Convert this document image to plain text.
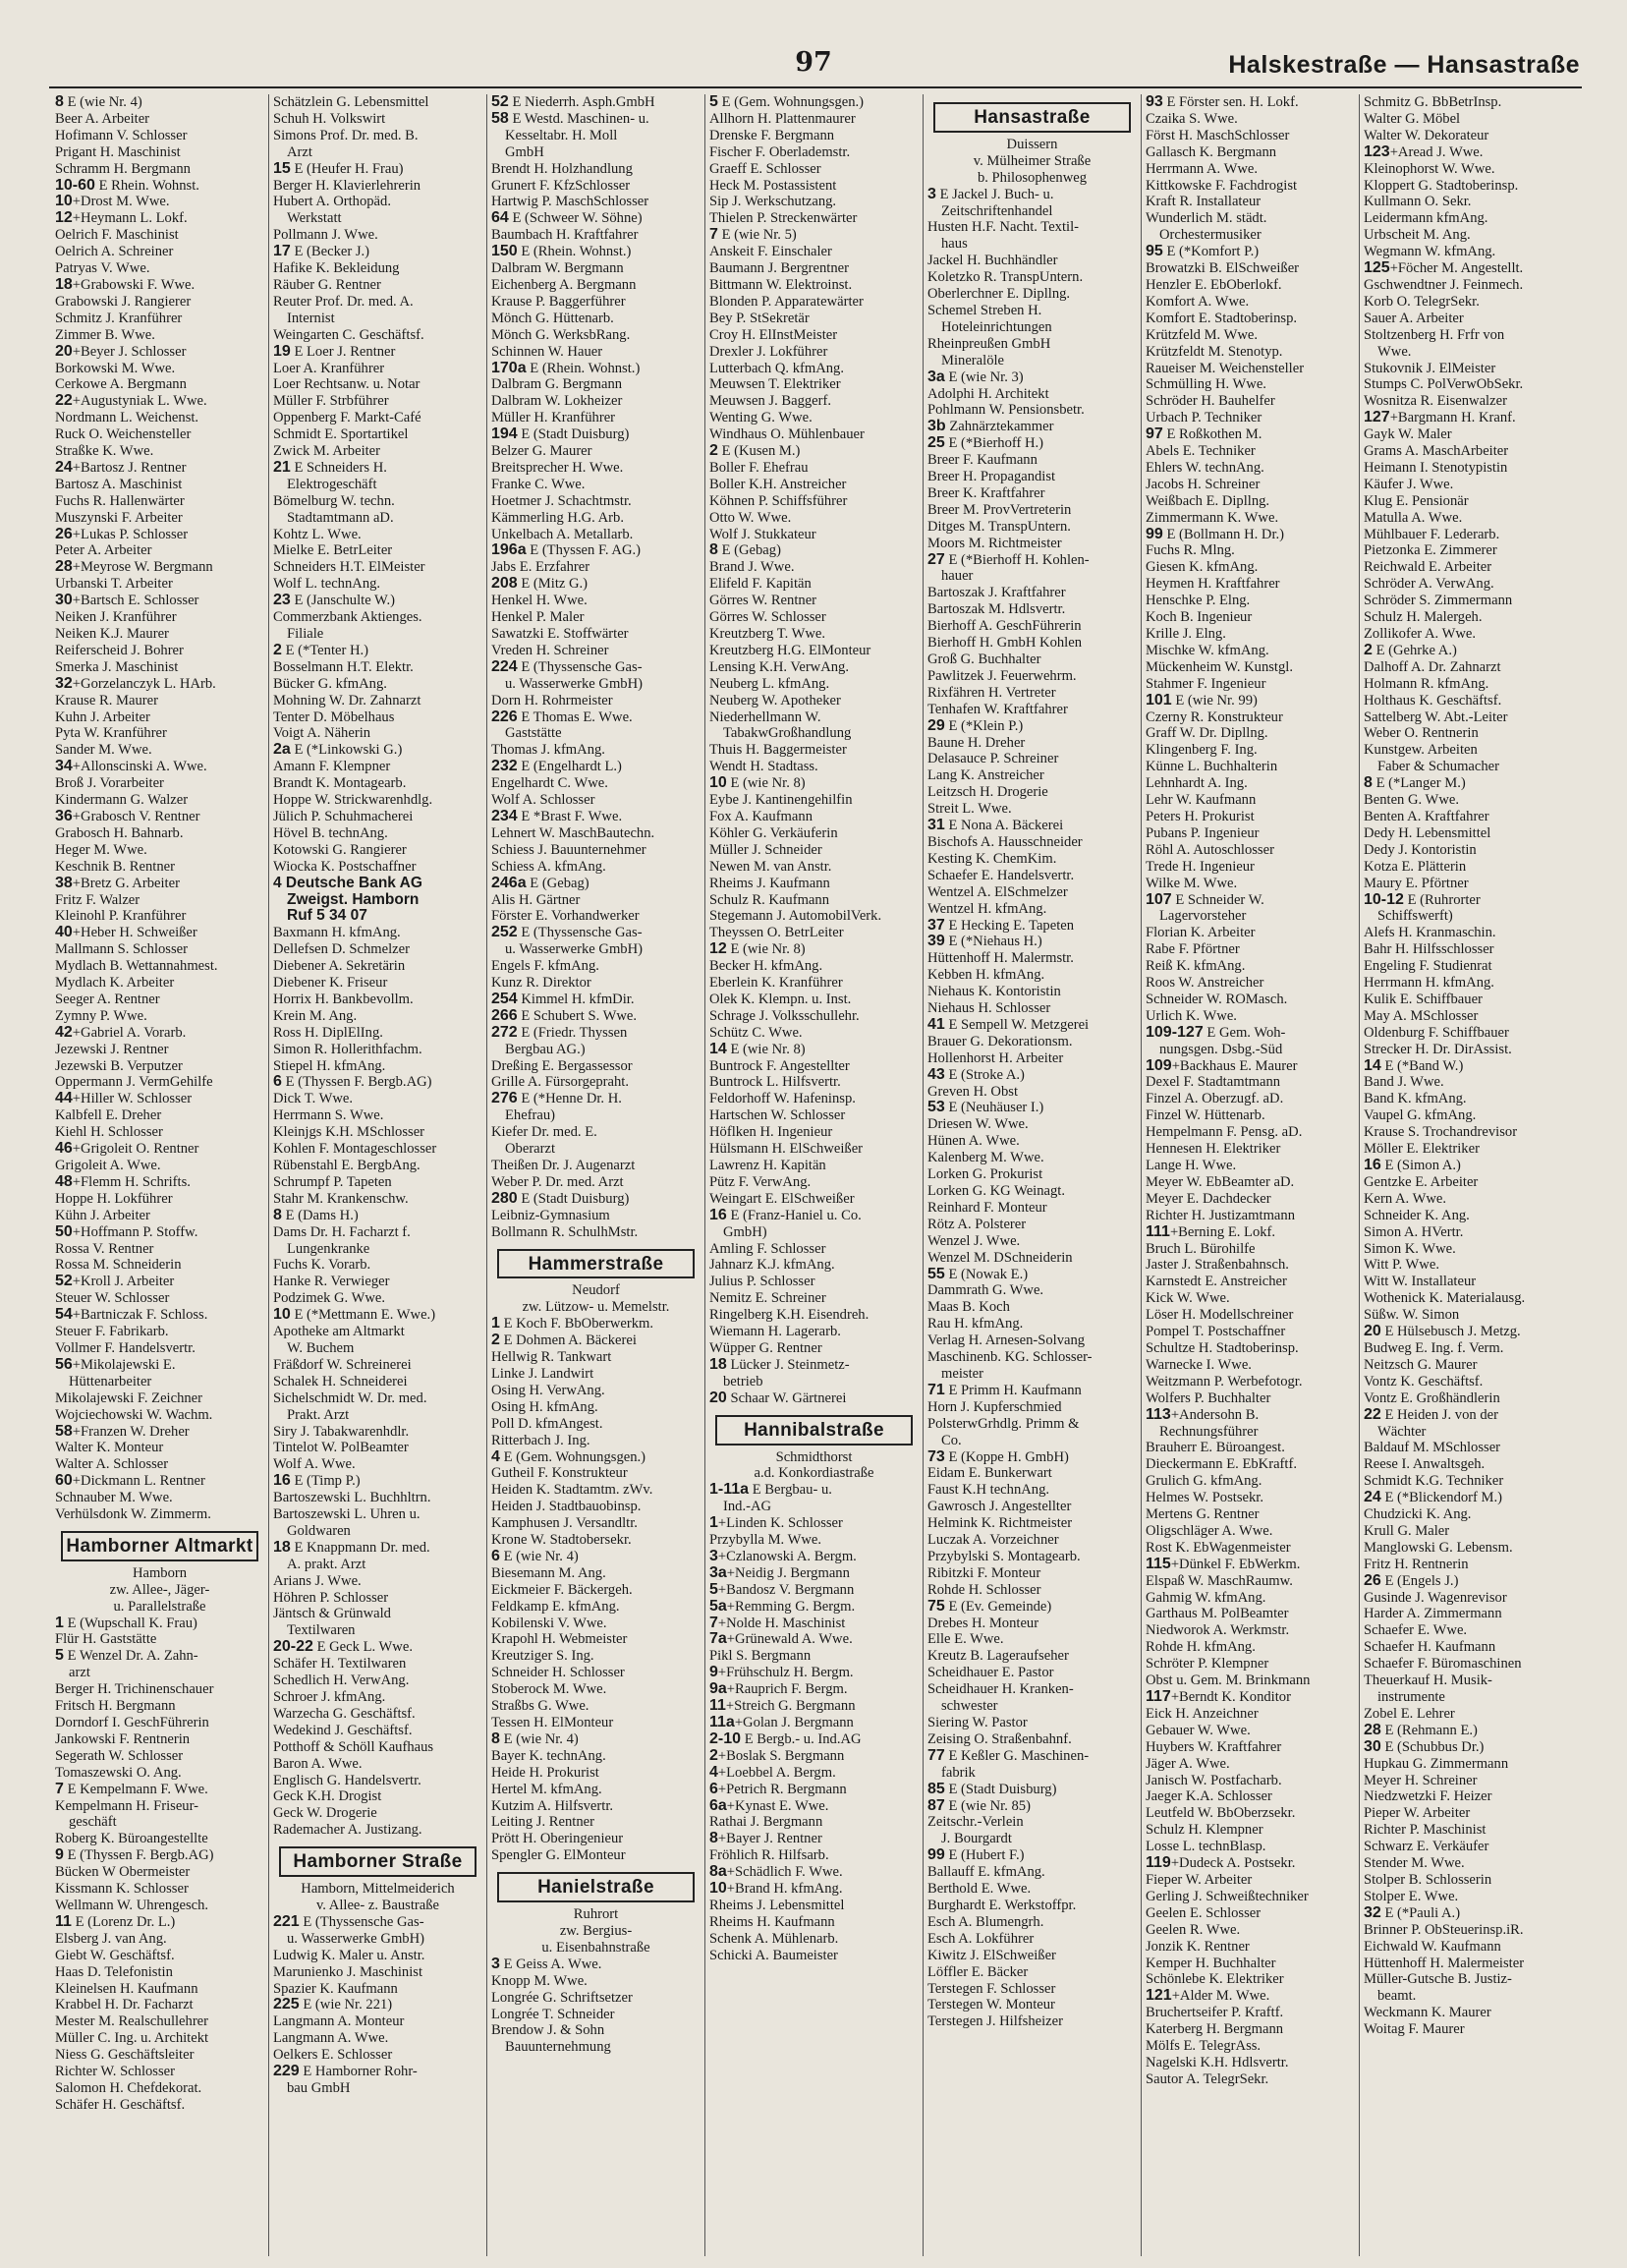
97	Halskestraße — Hansastraße
8 E (wie Nr. 4)
Beer A. Arbeiter
Hofimann V. Schlosser
Prigant H. Maschinist
Schramm H. Bergmann
10-60 E Rhein. Wohnst.
10+Drost M. Wwe.
12+Heymann L. Lokf.
Oelrich F. Maschinist
Oelrich A. Schreiner
Patryas V. Wwe.
18+Grabowski F. Wwe.
Grabowski J. Rangierer
Schmitz J. Kranführer
Zimmer B. Wwe.
20+Beyer J. Schlosser
Borkowski M. Wwe.
Cerkowe A. Bergmann
22+Augustyniak L. Wwe.
Nordmann L. Weichenst.
Ruck O. Weichensteller
Straßke K. Wwe.
24+Bartosz J. Rentner
Bartosz A. Maschinist
Fuchs R. Hallenwärter
Muszynski F. Arbeiter
26+Lukas P. Schlosser
Peter A. Arbeiter
28+Meyrose W. Bergmann
Urbanski T. Arbeiter
30+Bartsch E. Schlosser
Neiken J. Kranführer
Neiken K.J. Maurer
Reiferscheid J. Bohrer
Smerka J. Maschinist
32+Gorzelanczyk L. HArb.
Krause R. Maurer
Kuhn J. Arbeiter
Pyta W. Kranführer
Sander M. Wwe.
34+Allonscinski A. Wwe.
Broß J. Vorarbeiter
Kindermann G. Walzer
36+Grabosch V. Rentner
Grabosch H. Bahnarb.
Heger M. Wwe.
Keschnik B. Rentner
38+Bretz G. Arbeiter
Fritz F. Walzer
Kleinohl P. Kranführer
40+Heber H. Schweißer
Mallmann S. Schlosser
Mydlach B. Wettannahmest.
Mydlach K. Arbeiter
Seeger A. Rentner
Zymny P. Wwe.
42+Gabriel A. Vorarb.
Jezewski J. Rentner
Jezewski B. Verputzer
Oppermann J. VermGehilfe
44+Hiller W. Schlosser
Kalbfell E. Dreher
Kiehl H. Schlosser
46+Grigoleit O. Rentner
Grigoleit A. Wwe.
48+Flemm H. Schrifts.
Hoppe H. Lokführer
Kühn J. Arbeiter
50+Hoffmann P. Stoffw.
Rossa V. Rentner
Rossa M. Schneiderin
52+Kroll J. Arbeiter
Steuer W. Schlosser
54+Bartniczak F. Schloss.
Steuer F. Fabrikarb.
Vollmer F. Handelsvertr.
56+Mikolajewski E.
Hüttenarbeiter
Mikolajewski F. Zeichner
Wojciechowski W. Wachm.
58+Franzen W. Dreher
Walter K. Monteur
Walter A. Schlosser
60+Dickmann L. Rentner
Schnauber M. Wwe.
Verhülsdonk W. Zimmerm.
Hamborner Altmarkt
Hamborn
zw. Allee-, Jäger-
u. Parallelstraße
1 E (Wupschall K. Frau)
Flür H. Gaststätte
5 E Wenzel Dr. A. Zahn-
arzt
Berger H. Trichinenschauer
Fritsch H. Bergmann
Dorndorf I. GeschFührerin
Jankowski F. Rentnerin
Segerath W. Schlosser
Tomaszewski O. Ang.
7 E Kempelmann F. Wwe.
Kempelmann H. Friseur-
geschäft
Roberg K. Büroangestellte
9 E (Thyssen F. Bergb.AG)
Bücken W Obermeister
Kissmann K. Schlosser
Wellmann W. Uhrengesch.
11 E (Lorenz Dr. L.)
Elsberg J. van Ang.
Giebt W. Geschäftsf.
Haas D. Telefonistin
Kleinelsen H. Kaufmann
Krabbel H. Dr. Facharzt
Mester M. Realschullehrer
Müller C. Ing. u. Architekt
Niess G. Geschäftsleiter
Richter W. Schlosser
Salomon H. Chefdekorat.
Schäfer H. Geschäftsf.
Schätzlein G. Lebensmittel
Schuh H. Volkswirt
Simons Prof. Dr. med. B.
Arzt
15 E (Heufer H. Frau)
Berger H. Klavierlehrerin
Hubert A. Orthopäd.
Werkstatt
Pollmann J. Wwe.
17 E (Becker J.)
Hafike K. Bekleidung
Räuber G. Rentner
Reuter Prof. Dr. med. A.
Internist
Weingarten C. Geschäftsf.
19 E Loer J. Rentner
Loer A. Kranführer
Loer Rechtsanw. u. Notar
Müller F. Strbführer
Oppenberg F. Markt-Café
Schmidt E. Sportartikel
Zwick M. Arbeiter
21 E Schneiders H.
Elektrogeschäft
Bömelburg W. techn.
Stadtamtmann aD.
Kohtz L. Wwe.
Mielke E. BetrLeiter
Schneiders H.T. ElMeister
Wolf L. technAng.
23 E (Janschulte W.)
Commerzbank Aktienges.
Filiale
2 E (*Tenter H.)
Bosselmann H.T. Elektr.
Bücker G. kfmAng.
Mohning W. Dr. Zahnarzt
Tenter D. Möbelhaus
Voigt A. Näherin
2a E (*Linkowski G.)
Amann F. Klempner
Brandt K. Montagearb.
Hoppe W. Strickwarenhdlg.
Jülich P. Schuhmacherei
Hövel B. technAng.
Kotowski G. Rangierer
Wiocka K. Postschaffner
4 Deutsche Bank AG
Zweigst. Hamborn
Ruf 5 34 07
Baxmann H. kfmAng.
Dellefsen D. Schmelzer
Diebener A. Sekretärin
Diebener K. Friseur
Horrix H. Bankbevollm.
Krein M. Ang.
Ross H. DiplElIng.
Simon R. Hollerithfachm.
Stiepel H. kfmAng.
6 E (Thyssen F. Bergb.AG)
Dick T. Wwe.
Herrmann S. Wwe.
Kleinjgs K.H. MSchlosser
Kohlen F. Montageschlosser
Rübenstahl E. BergbAng.
Schrumpf P. Tapeten
Stahr M. Krankenschw.
8 E (Dams H.)
Dams Dr. H. Facharzt f.
Lungenkranke
Fuchs K. Vorarb.
Hanke R. Verwieger
Podzimek G. Wwe.
10 E (*Mettmann E. Wwe.)
Apotheke am Altmarkt
W. Buchem
Fräßdorf W. Schreinerei
Schalek H. Schneiderei
Sichelschmidt W. Dr. med.
Prakt. Arzt
Siry J. Tabakwarenhdlr.
Tintelot W. PolBeamter
Wolf A. Wwe.
16 E (Timp P.)
Bartoszewski L. Buchhltrn.
Bartoszewski L. Uhren u.
Goldwaren
18 E Knappmann Dr. med.
A. prakt. Arzt
Arians J. Wwe.
Höhren P. Schlosser
Jäntsch & Grünwald
Textilwaren
20-22 E Geck L. Wwe.
Schäfer H. Textilwaren
Schedlich H. VerwAng.
Schroer J. kfmAng.
Warzecha G. Geschäftsf.
Wedekind J. Geschäftsf.
Potthoff & Schöll Kaufhaus
Baron A. Wwe.
Englisch G. Handelsvertr.
Geck K.H. Drogist
Geck W. Drogerie
Rademacher A. Justizang.
Hamborner Straße
Hamborn, Mittelmeiderich
v. Allee- z. Baustraße
221 E (Thyssensche Gas-
u. Wasserwerke GmbH)
Ludwig K. Maler u. Anstr.
Marunienko J. Maschinist
Spazier K. Kaufmann
225 E (wie Nr. 221)
Langmann A. Monteur
Langmann A. Wwe.
Oelkers E. Schlosser
229 E Hamborner Rohr-
bau GmbH
52 E Niederrh. Asph.GmbH
58 E Westd. Maschinen- u.
Kesseltabr. H. Moll
GmbH
Brendt H. Holzhandlung
Grunert F. KfzSchlosser
Hartwig P. MaschSchlosser
64 E (Schweer W. Söhne)
Baumbach H. Kraftfahrer
150 E (Rhein. Wohnst.)
Dalbram W. Bergmann
Eichenberg A. Bergmann
Krause P. Baggerführer
Mönch G. Hüttenarb.
Mönch G. WerksbRang.
Schinnen W. Hauer
170a E (Rhein. Wohnst.)
Dalbram G. Bergmann
Dalbram W. Lokheizer
Müller H. Kranführer
194 E (Stadt Duisburg)
Belzer G. Maurer
Breitsprecher H. Wwe.
Franke C. Wwe.
Hoetmer J. Schachtmstr.
Kämmerling H.G. Arb.
Unkelbach A. Metallarb.
196a E (Thyssen F. AG.)
Jabs E. Erzfahrer
208 E (Mitz G.)
Henkel H. Wwe.
Henkel P. Maler
Sawatzki E. Stoffwärter
Vreden H. Schreiner
224 E (Thyssensche Gas-
u. Wasserwerke GmbH)
Dorn H. Rohrmeister
226 E Thomas E. Wwe.
Gaststätte
Thomas J. kfmAng.
232 E (Engelhardt L.)
Engelhardt C. Wwe.
Wolf A. Schlosser
234 E *Brast F. Wwe.
Lehnert W. MaschBautechn.
Schiess J. Bauunternehmer
Schiess A. kfmAng.
246a E (Gebag)
Alis H. Gärtner
Förster E. Vorhandwerker
252 E (Thyssensche Gas-
u. Wasserwerke GmbH)
Engels F. kfmAng.
Kunz R. Direktor
254 Kimmel H. kfmDir.
266 E Schubert S. Wwe.
272 E (Friedr. Thyssen
Bergbau AG.)
Dreßing E. Bergassessor
Grille A. Fürsorgepraht.
276 E (*Henne Dr. H.
Ehefrau)
Kiefer Dr. med. E.
Oberarzt
Theißen Dr. J. Augenarzt
Weber P. Dr. med. Arzt
280 E (Stadt Duisburg)
Leibniz-Gymnasium
Bollmann R. SchulhMstr.
Hammerstraße
Neudorf
zw. Lützow- u. Memelstr.
1 E Koch F. BbOberwerkm.
2 E Dohmen A. Bäckerei
Hellwig R. Tankwart
Linke J. Landwirt
Osing H. VerwAng.
Osing H. kfmAng.
Poll D. kfmAngest.
Ritterbach J. Ing.
4 E (Gem. Wohnungsgen.)
Gutheil F. Konstrukteur
Heiden K. Stadtamtm. zWv.
Heiden J. Stadtbauobinsp.
Kamphusen J. Versandltr.
Krone W. Stadtobersekr.
6 E (wie Nr. 4)
Biesemann M. Ang.
Eickmeier F. Bäckergeh.
Feldkamp E. kfmAng.
Kobilenski V. Wwe.
Krapohl H. Webmeister
Kreutziger S. Ing.
Schneider H. Schlosser
Stoberock M. Wwe.
Straßbs G. Wwe.
Tessen H. ElMonteur
8 E (wie Nr. 4)
Bayer K. technAng.
Heide H. Prokurist
Hertel M. kfmAng.
Kutzim A. Hilfsvertr.
Leiting J. Rentner
Prött H. Oberingenieur
Spengler G. ElMonteur
Hanielstraße
Ruhrort
zw. Bergius-
u. Eisenbahnstraße
3 E Geiss A. Wwe.
Knopp M. Wwe.
Longrée G. Schriftsetzer
Longrée T. Schneider
Brendow J. & Sohn
Bauunternehmung
5 E (Gem. Wohnungsgen.)
Allhorn H. Plattenmaurer
Drenske F. Bergmann
Fischer F. Oberlademstr.
Graeff E. Schlosser
Heck M. Postassistent
Sip J. Werkschutzang.
Thielen P. Streckenwärter
7 E (wie Nr. 5)
Anskeit F. Einschaler
Baumann J. Bergrentner
Bittmann W. Elektroinst.
Blonden P. Apparatewärter
Bey P. StSekretär
Croy H. ElInstMeister
Drexler J. Lokführer
Lutterbach Q. kfmAng.
Meuwsen T. Elektriker
Meuwsen J. Baggerf.
Wenting G. Wwe.
Windhaus O. Mühlenbauer
2 E (Kusen M.)
Boller F. Ehefrau
Boller K.H. Anstreicher
Köhnen P. Schiffsführer
Otto W. Wwe.
Wolf J. Stukkateur
8 E (Gebag)
Brand J. Wwe.
Elifeld F. Kapitän
Görres W. Rentner
Görres W. Schlosser
Kreutzberg T. Wwe.
Kreutzberg H.G. ElMonteur
Lensing K.H. VerwAng.
Neuberg L. kfmAng.
Neuberg W. Apotheker
Niederhellmann W.
TabakwGroßhandlung
Thuis H. Baggermeister
Wendt H. Stadtass.
10 E (wie Nr. 8)
Eybe J. Kantinengehilfin
Fox A. Kaufmann
Köhler G. Verkäuferin
Müller J. Schneider
Newen M. van Anstr.
Rheims J. Kaufmann
Schulz R. Kaufmann
Stegemann J. AutomobilVerk.
Theyssen O. BetrLeiter
12 E (wie Nr. 8)
Becker H. kfmAng.
Eberlein K. Kranführer
Olek K. Klempn. u. Inst.
Schrage J. Volksschullehr.
Schütz C. Wwe.
14 E (wie Nr. 8)
Buntrock F. Angestellter
Buntrock L. Hilfsvertr.
Feldorhoff W. Hafeninsp.
Hartschen W. Schlosser
Höflken H. Ingenieur
Hülsmann H. ElSchweißer
Lawrenz H. Kapitän
Pütz F. VerwAng.
Weingart E. ElSchweißer
16 E (Franz-Haniel u. Co.
GmbH)
Amling F. Schlosser
Jahnarz K.J. kfmAng.
Julius P. Schlosser
Nemitz E. Schreiner
Ringelberg K.H. Eisendreh.
Wiemann H. Lagerarb.
Wüpper G. Rentner
18 Lücker J. Steinmetz-
betrieb
20 Schaar W. Gärtnerei
Hannibalstraße
Schmidthorst
a.d. Konkordiastraße
1-11a E Bergbau- u.
Ind.-AG
1+Linden K. Schlosser
Przybylla M. Wwe.
3+Czlanowski A. Bergm.
3a+Neidig J. Bergmann
5+Bandosz V. Bergmann
5a+Remming G. Bergm.
7+Nolde H. Maschinist
7a+Grünewald A. Wwe.
Pikl S. Bergmann
9+Frühschulz H. Bergm.
9a+Rauprich F. Bergm.
11+Streich G. Bergmann
11a+Golan J. Bergmann
2-10 E Bergb.- u. Ind.AG
2+Boslak S. Bergmann
4+Loebbel A. Bergm.
6+Petrich R. Bergmann
6a+Kynast E. Wwe.
Rathai J. Bergmann
8+Bayer J. Rentner
Fröhlich R. Hilfsarb.
8a+Schädlich F. Wwe.
10+Brand H. kfmAng.
Rheims J. Lebensmittel
Rheims H. Kaufmann
Schenk A. Mühlenarb.
Schicki A. Baumeister
Hansastraße
Duissern
v. Mülheimer Straße
b. Philosophenweg
3 E Jackel J. Buch- u.
Zeitschriftenhandel
Husten H.F. Nacht. Textil-
haus
Jackel H. Buchhändler
Koletzko R. TranspUntern.
Oberlerchner E. Dipllng.
Schemel Streben H.
Hoteleinrichtungen
Rheinpreußen GmbH
Mineralöle
3a E (wie Nr. 3)
Adolphi H. Architekt
Pohlmann W. Pensionsbetr.
3b Zahnärztekammer
25 E (*Bierhoff H.)
Breer F. Kaufmann
Breer H. Propagandist
Breer K. Kraftfahrer
Breer M. ProvVertreterin
Ditges M. TranspUntern.
Moors M. Richtmeister
27 E (*Bierhoff H. Kohlen-
hauer
Bartoszak J. Kraftfahrer
Bartoszak M. Hdlsvertr.
Bierhoff A. GeschFührerin
Bierhoff H. GmbH Kohlen
Groß G. Buchhalter
Pawlitzek J. Feuerwehrm.
Rixfähren H. Vertreter
Tenhafen W. Kraftfahrer
29 E (*Klein P.)
Baune H. Dreher
Delasauce P. Schreiner
Lang K. Anstreicher
Leitzsch H. Drogerie
Streit L. Wwe.
31 E Nona A. Bäckerei
Bischofs A. Hausschneider
Kesting K. ChemKim.
Schaefer E. Handelsvertr.
Wentzel A. ElSchmelzer
Wentzel H. kfmAng.
37 E Hecking E. Tapeten
39 E (*Niehaus H.)
Hüttenhoff H. Malermstr.
Kebben H. kfmAng.
Niehaus K. Kontoristin
Niehaus H. Schlosser
41 E Sempell W. Metzgerei
Brauer G. Dekorationsm.
Hollenhorst H. Arbeiter
43 E (Stroke A.)
Greven H. Obst
53 E (Neuhäuser I.)
Driesen W. Wwe.
Hünen A. Wwe.
Kalenberg M. Wwe.
Lorken G. Prokurist
Lorken G. KG Weinagt.
Reinhard F. Monteur
Rötz A. Polsterer
Wenzel J. Wwe.
Wenzel M. DSchneiderin
55 E (Nowak E.)
Dammrath G. Wwe.
Maas B. Koch
Rau H. kfmAng.
Verlag H. Arnesen-Solvang
Maschinenb. KG. Schlosser-
meister
71 E Primm H. Kaufmann
Horn J. Kupferschmied
PolsterwGrhdlg. Primm &
Co.
73 E (Koppe H. GmbH)
Eidam E. Bunkerwart
Faust K.H technAng.
Gawrosch J. Angestellter
Helmink K. Richtmeister
Luczak A. Vorzeichner
Przybylski S. Montagearb.
Ribitzki F. Monteur
Rohde H. Schlosser
75 E (Ev. Gemeinde)
Drebes H. Monteur
Elle E. Wwe.
Kreutz B. Lageraufseher
Scheidhauer E. Pastor
Scheidhauer H. Kranken-
schwester
Siering W. Pastor
Zeising O. Straßenbahnf.
77 E Keßler G. Maschinen-
fabrik
85 E (Stadt Duisburg)
87 E (wie Nr. 85)
Zeitschr.-Verlein
J. Bourgardt
99 E (Hubert F.)
Ballauff E. kfmAng.
Berthold E. Wwe.
Burghardt E. Werkstoffpr.
Esch A. Blumengrh.
Esch A. Lokführer
Kiwitz J. ElSchweißer
Löffler E. Bäcker
Terstegen F. Schlosser
Terstegen W. Monteur
Terstegen J. Hilfsheizer
93 E Förster sen. H. Lokf.
Czaika S. Wwe.
Först H. MaschSchlosser
Gallasch K. Bergmann
Herrmann A. Wwe.
Kittkowske F. Fachdrogist
Kraft R. Installateur
Wunderlich M. städt.
Orchestermusiker
95 E (*Komfort P.)
Browatzki B. ElSchweißer
Henzler E. EbOberlokf.
Komfort A. Wwe.
Komfort E. Stadtoberinsp.
Krützfeld M. Wwe.
Krützfeldt M. Stenotyp.
Raueiser M. Weichensteller
Schmülling H. Wwe.
Schröder H. Bauhelfer
Urbach P. Techniker
97 E Roßkothen M.
Abels E. Techniker
Ehlers W. technAng.
Jacobs H. Schreiner
Weißbach E. Dipllng.
Zimmermann K. Wwe.
99 E (Bollmann H. Dr.)
Fuchs R. Mlng.
Giesen K. kfmAng.
Heymen H. Kraftfahrer
Henschke P. Elng.
Koch B. Ingenieur
Krille J. Elng.
Mischke W. kfmAng.
Mückenheim W. Kunstgl.
Stahmer F. Ingenieur
101 E (wie Nr. 99)
Czerny R. Konstrukteur
Graff W. Dr. Dipllng.
Klingenberg F. Ing.
Künne L. Buchhalterin
Lehnhardt A. Ing.
Lehr W. Kaufmann
Peters H. Prokurist
Pubans P. Ingenieur
Röhl A. Autoschlosser
Trede H. Ingenieur
Wilke M. Wwe.
107 E Schneider W.
Lagervorsteher
Florian K. Arbeiter
Rabe F. Pförtner
Reiß K. kfmAng.
Roos W. Anstreicher
Schneider W. ROMasch.
Urlich K. Wwe.
109-127 E Gem. Woh-
nungsgen. Dsbg.-Süd
109+Backhaus E. Maurer
Dexel F. Stadtamtmann
Finzel A. Oberzugf. aD.
Finzel W. Hüttenarb.
Hempelmann F. Pensg. aD.
Hennesen H. Elektriker
Lange H. Wwe.
Meyer W. EbBeamter aD.
Meyer E. Dachdecker
Richter H. Justizamtmann
111+Berning E. Lokf.
Bruch L. Bürohilfe
Jaster J. Straßenbahnsch.
Karnstedt E. Anstreicher
Kick W. Wwe.
Löser H. Modellschreiner
Pompel T. Postschaffner
Schultze H. Stadtoberinsp.
Warnecke I. Wwe.
Weitzmann P. Werbefotogr.
Wolfers P. Buchhalter
113+Andersohn B.
Rechnungsführer
Brauherr E. Büroangest.
Dieckermann E. EbKraftf.
Grulich G. kfmAng.
Helmes W. Postsekr.
Mertens G. Rentner
Oligschläger A. Wwe.
Rost K. EbWagenmeister
115+Dünkel F. EbWerkm.
Elspaß W. MaschRaumw.
Gahmig W. kfmAng.
Garthaus M. PolBeamter
Niedworok A. Werkmstr.
Rohde H. kfmAng.
Schröter P. Klempner
Obst u. Gem. M. Brinkmann
117+Berndt K. Konditor
Eick H. Anzeichner
Gebauer W. Wwe.
Huybers W. Kraftfahrer
Jäger A. Wwe.
Janisch W. Postfacharb.
Jaeger K.A. Schlosser
Leutfeld W. BbOberzsekr.
Schulz H. Klempner
Losse L. technBlasp.
119+Dudeck A. Postsekr.
Fieper W. Arbeiter
Gerling J. Schweißtechniker
Geelen E. Schlosser
Geelen R. Wwe.
Jonzik K. Rentner
Kemper H. Buchhalter
Schönlebe K. Elektriker
121+Alder M. Wwe.
Bruchertseifer P. Kraftf.
Katerberg H. Bergmann
Mölfs E. TelegrAss.
Nagelski K.H. Hdlsvertr.
Sautor A. TelegrSekr.
Schmitz G. BbBetrInsp.
Walter G. Möbel
Walter W. Dekorateur
123+Aread J. Wwe.
Kleinophorst W. Wwe.
Kloppert G. Stadtoberinsp.
Kullmann O. Sekr.
Leidermann kfmAng.
Urbscheit M. Ang.
Wegmann W. kfmAng.
125+Föcher M. Angestellt.
Gschwendtner J. Feinmech.
Korb O. TelegrSekr.
Sauer A. Arbeiter
Stoltzenberg H. Frfr von
Wwe.
Stukovnik J. ElMeister
Stumps C. PolVerwObSekr.
Wosnitza R. Eisenwalzer
127+Bargmann H. Kranf.
Gayk W. Maler
Grams A. MaschArbeiter
Heimann I. Stenotypistin
Käufer J. Wwe.
Klug E. Pensionär
Matulla A. Wwe.
Mühlbauer F. Lederarb.
Pietzonka E. Zimmerer
Reichwald E. Arbeiter
Schröder A. VerwAng.
Schröder S. Zimmermann
Schulz H. Malergeh.
Zollikofer A. Wwe.
2 E (Gehrke A.)
Dalhoff A. Dr. Zahnarzt
Holmann R. kfmAng.
Holthaus K. Geschäftsf.
Sattelberg W. Abt.-Leiter
Weber O. Rentnerin
Kunstgew. Arbeiten
Faber & Schumacher
8 E (*Langer M.)
Benten G. Wwe.
Benten A. Kraftfahrer
Dedy H. Lebensmittel
Dedy J. Kontoristin
Kotza E. Plätterin
Maury E. Pförtner
10-12 E (Ruhrorter
Schiffswerft)
Alefs H. Kranmaschin.
Bahr H. Hilfsschlosser
Engeling F. Studienrat
Herrmann H. kfmAng.
Kulik E. Schiffbauer
May A. MSchlosser
Oldenburg F. Schiffbauer
Strecker H. Dr. DirAssist.
14 E (*Band W.)
Band J. Wwe.
Band K. kfmAng.
Vaupel G. kfmAng.
Krause S. Trochandrevisor
Möller E. Elektriker
16 E (Simon A.)
Gentzke E. Arbeiter
Kern A. Wwe.
Schneider K. Ang.
Simon A. HVertr.
Simon K. Wwe.
Witt P. Wwe.
Witt W. Installateur
Wothenick K. Materialausg.
Süßw. W. Simon
20 E Hülsebusch J. Metzg.
Budweg E. Ing. f. Verm.
Neitzsch G. Maurer
Vontz K. Geschäftsf.
Vontz E. Großhändlerin
22 E Heiden J. von der
Wächter
Baldauf M. MSchlosser
Reese I. Anwaltsgeh.
Schmidt K.G. Techniker
24 E (*Blickendorf M.)
Chudzicki K. Ang.
Krull G. Maler
Manglowski G. Lebensm.
Fritz H. Rentnerin
26 E (Engels J.)
Gusinde J. Wagenrevisor
Harder A. Zimmermann
Schaefer E. Wwe.
Schaefer H. Kaufmann
Schaefer F. Büromaschinen
Theuerkauf H. Musik-
instrumente
Zobel E. Lehrer
28 E (Rehmann E.)
30 E (Schubbus Dr.)
Hupkau G. Zimmermann
Meyer H. Schreiner
Niedzwetzki F. Heizer
Pieper W. Arbeiter
Richter P. Maschinist
Schwarz E. Verkäufer
Stender M. Wwe.
Stolper B. Schlosserin
Stolper E. Wwe.
32 E (*Pauli A.)
Brinner P. ObSteuerinsp.iR.
Eichwald W. Kaufmann
Hüttenhoff H. Malermeister
Müller-Gutsche B. Justiz-
beamt.
Weckmann K. Maurer
Woitag F. Maurer
